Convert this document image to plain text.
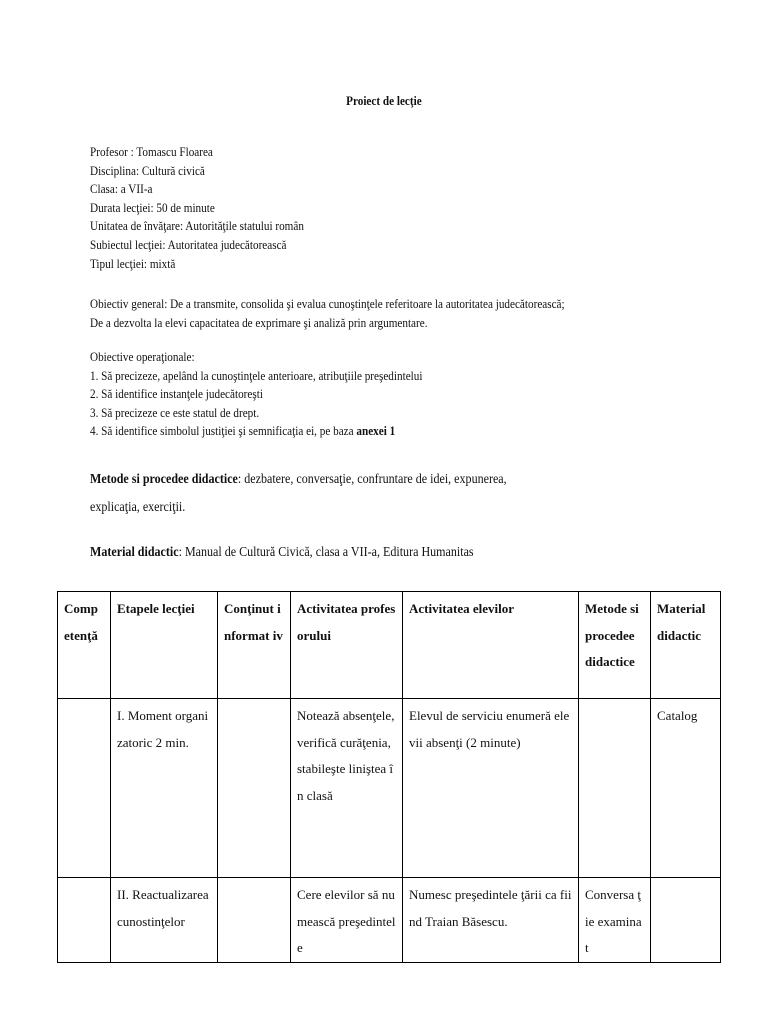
Proiect de lecţie
Profesor : Tomascu Floarea
Disciplina: Cultură civică
Clasa: a VII-a
Durata lecţiei: 50 de minute
Unitatea de învăţare: Autorităţile statului român
Subiectul lecţiei: Autoritatea judecătorească
Tipul lecţiei: mixtă
Obiectiv general: De a transmite, consolida şi evalua cunoştinţele referitoare la autoritatea judecătorească;
De a dezvolta la elevi capacitatea de exprimare şi analiză prin argumentare.
Obiective operaţionale:
1. Să precizeze, apelând la cunoştinţele anterioare, atribuţiile preşedintelui
2. Să identifice instanţele judecătoreşti
3. Să precizeze ce este statul de drept.
4. Să identifice simbolul justiţiei şi semnificaţia ei, pe baza anexei 1
Metode si procedee didactice: dezbatere, conversaţie, confruntare de idei, expunerea,
explicaţia, exerciţii.
Material didactic: Manual de Cultură Civică, clasa a VII-a, Editura Humanitas
Comp etenţă	Etapele lecţiei	Conţinut informat iv	Activitatea profesorului	Activitatea elevilor	Metode si procedee didactice	Material didactic

	I. Moment organizatoric 2 min.		Notează absenţele, verifică curăţenia, stabileşte liniştea în clasă	Elevul de serviciu enumeră elevii absenţi (2 minute)		Catalog

	II. Reactualizarea cunostinţelor		Cere elevilor să numească preşedintele	Numesc preşedintele ţării ca fiind Traian Băsescu.	Conversa ţie examinat	
